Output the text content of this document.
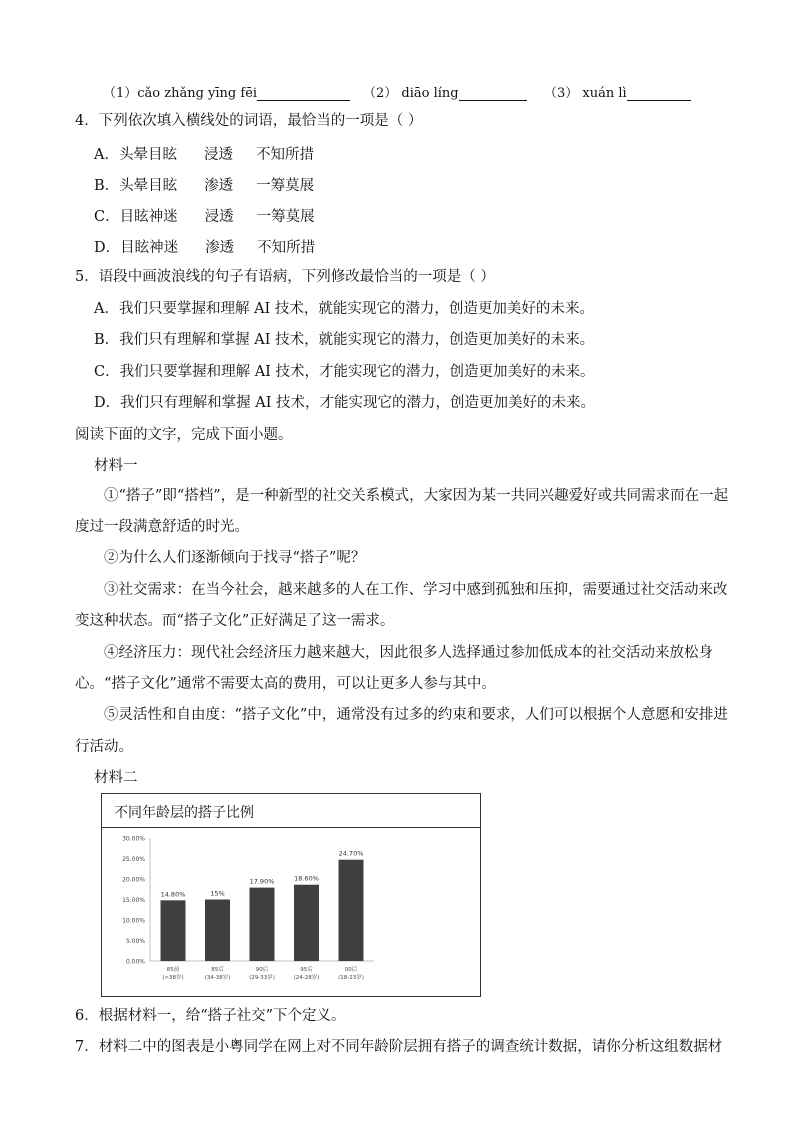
（1）cǎo zhǎng yīng fēi	（2） diāo líng	（3） xuán lì
4．下列依次填入横线处的词语，最恰当的一项是（ ）
A．头晕目眩 浸透 不知所措
B．头晕目眩 渗透 一筹莫展
C．目眩神迷 浸透 一筹莫展
D．目眩神迷 渗透 不知所措
5．语段中画波浪线的句子有语病，下列修改最恰当的一项是（ ）
A．我们只要掌握和理解 AI 技术，就能实现它的潜力，创造更加美好的未来。
B．我们只有理解和掌握 AI 技术，就能实现它的潜力，创造更加美好的未来。
C．我们只要掌握和理解 AI 技术，才能实现它的潜力，创造更加美好的未来。
D．我们只有理解和掌握 AI 技术，才能实现它的潜力，创造更加美好的未来。
阅读下面的文字，完成下面小题。
材料一
①“搭子”即“搭档”，是一种新型的社交关系模式，大家因为某一共同兴趣爱好或共同需求而在一起
度过一段满意舒适的时光。
②为什么人们逐渐倾向于找寻“搭子”呢？
③社交需求：在当今社会，越来越多的人在工作、学习中感到孤独和压抑，需要通过社交活动来改
变这种状态。而“搭子文化”正好满足了这一需求。
④经济压力：现代社会经济压力越来越大，因此很多人选择通过参加低成本的社交活动来放松身
心。“搭子文化”通常不需要太高的费用，可以让更多人参与其中。
⑤灵活性和自由度：“搭子文化”中，通常没有过多的约束和要求，人们可以根据个人意愿和安排进
行活动。
材料二
不同年龄层的搭子比例
0.00%
5.00%
10.00%
15.00%
20.00%
25.00%
30.00%
14.80%
85前
(>38岁)
15%
85后
(34-38岁)
17.90%
90后
(29-33岁)
18.60%
95后
(24-28岁)
24.70%
00后
(18-23岁)
6．根据材料一，给“搭子社交”下个定义。
7．材料二中的图表是小粤同学在网上对不同年龄阶层拥有搭子的调查统计数据，请你分析这组数据材
